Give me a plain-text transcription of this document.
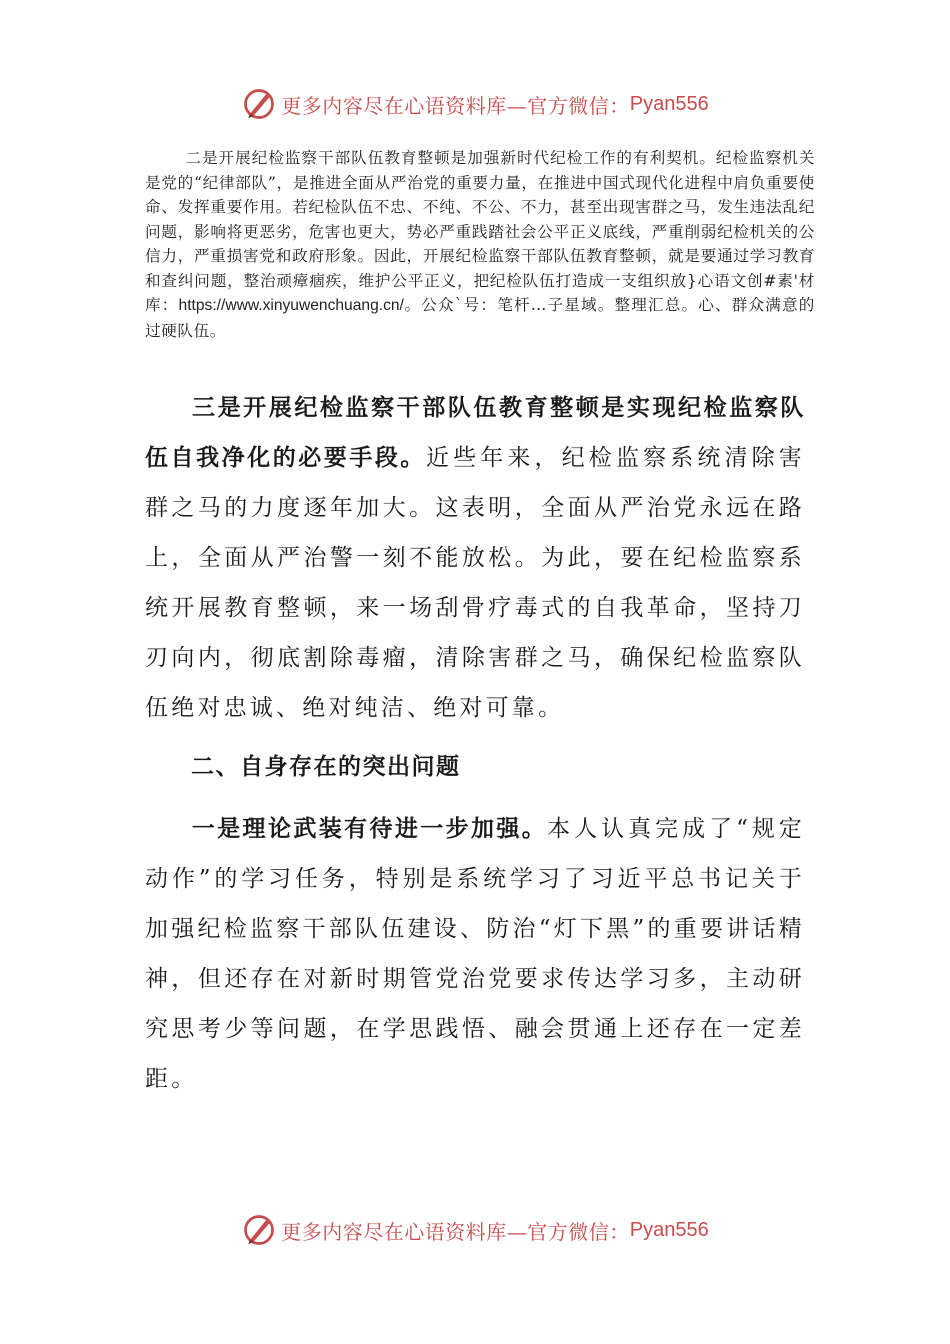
更多内容尽在心语资料库—官方微信： Pyan556
二是开展纪检监察干部队伍教育整顿是加强新时代纪检工作的有利契机。纪检监察机关是党的“纪律部队”，是推进全面从严治党的重要力量，在推进中国式现代化进程中肩负重要使命、发挥重要作用。若纪检队伍不忠、不纯、不公、不力，甚至出现害群之马，发生违法乱纪问题，影响将更恶劣，危害也更大，势必严重践踏社会公平正义底线，严重削弱纪检机关的公信力，严重损害党和政府形象。因此，开展纪检监察干部队伍教育整顿，就是要通过学习教育和查纠问题，整治顽瘴痼疾，维护公平正义，把纪检队伍打造成一支组织放}心语文创#素'材库：https://www.xinyuwenchuang.cn/。公众`号：笔杆…子星域。整理汇总。心、群众满意的过硬队伍。
三是开展纪检监察干部队伍教育整顿是实现纪检监察队伍自我净化的必要手段。近些年来，纪检监察系统清除害群之马的力度逐年加大。这表明，全面从严治党永远在路上，全面从严治警一刻不能放松。为此，要在纪检监察系统开展教育整顿，来一场刮骨疗毒式的自我革命，坚持刀刃向内，彻底割除毒瘤，清除害群之马，确保纪检监察队伍绝对忠诚、绝对纯洁、绝对可靠。
二、自身存在的突出问题
一是理论武装有待进一步加强。本人认真完成了“规定动作”的学习任务，特别是系统学习了习近平总书记关于加强纪检监察干部队伍建设、防治“灯下黑”的重要讲话精神，但还存在对新时期管党治党要求传达学习多，主动研究思考少等问题，在学思践悟、融会贯通上还存在一定差距。
更多内容尽在心语资料库—官方微信： Pyan556
